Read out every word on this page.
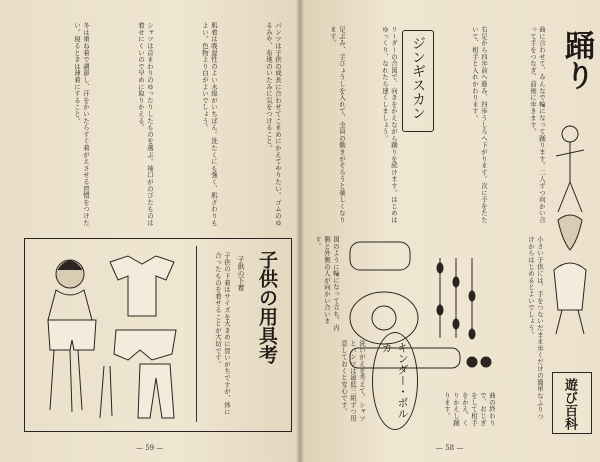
パンツは子供の成長に合わせてこまめにかえてやりたい。ゴムのゆるみや、布地のいたみに気をつけること。
肌着は吸湿性のよい木綿がいちばん。洗たくにも強く、肌ざわりもよい。色物より白がよいでしょう。
シャツは首まわりのゆったりしたものを選ぶ。袖口がのびたものは着せにくいので早めに取りかえる。
冬は重ね着で調節し、汗をかいたらすぐ着がえさせる習慣をつけたい。寝るときは薄着にすること。
子供の用具考
子供の下着
子供の下着はサイズを大きめに買いがちですが、体に合ったものを着せることが大切です。
— 59 —
踊り
遊び百科
曲に合わせて、みんなで輪になって踊ります。二人ずつ向かい合って手をつなぎ、前後に歩きます。
右足から四歩前へ進み、四歩うしろへ下がります。次に手をたたいて、相手と入れかわります。
ジンギスカン
リーダーの合図で、向きをかえながら踊りを続けます。はじめはゆっくり、なれたら速くしましょう。
足ぶみ、手びょうしを入れて、全員の動きがそろうと楽しくなります。
小さい子供には、手をつないだまま歩くだけの簡単なふりつけからはじめるとよいでしょう。
図のように輪になって立ち、内側と外側の人が向かい合います。
キンダー・ポルカ
曲の終わりで、おじぎをして相手をかえ、くりかえし踊ります。
洗いがえを考えて、シャツとパンツは最低三組ずつ用意しておくと安心です。
— 58 —
